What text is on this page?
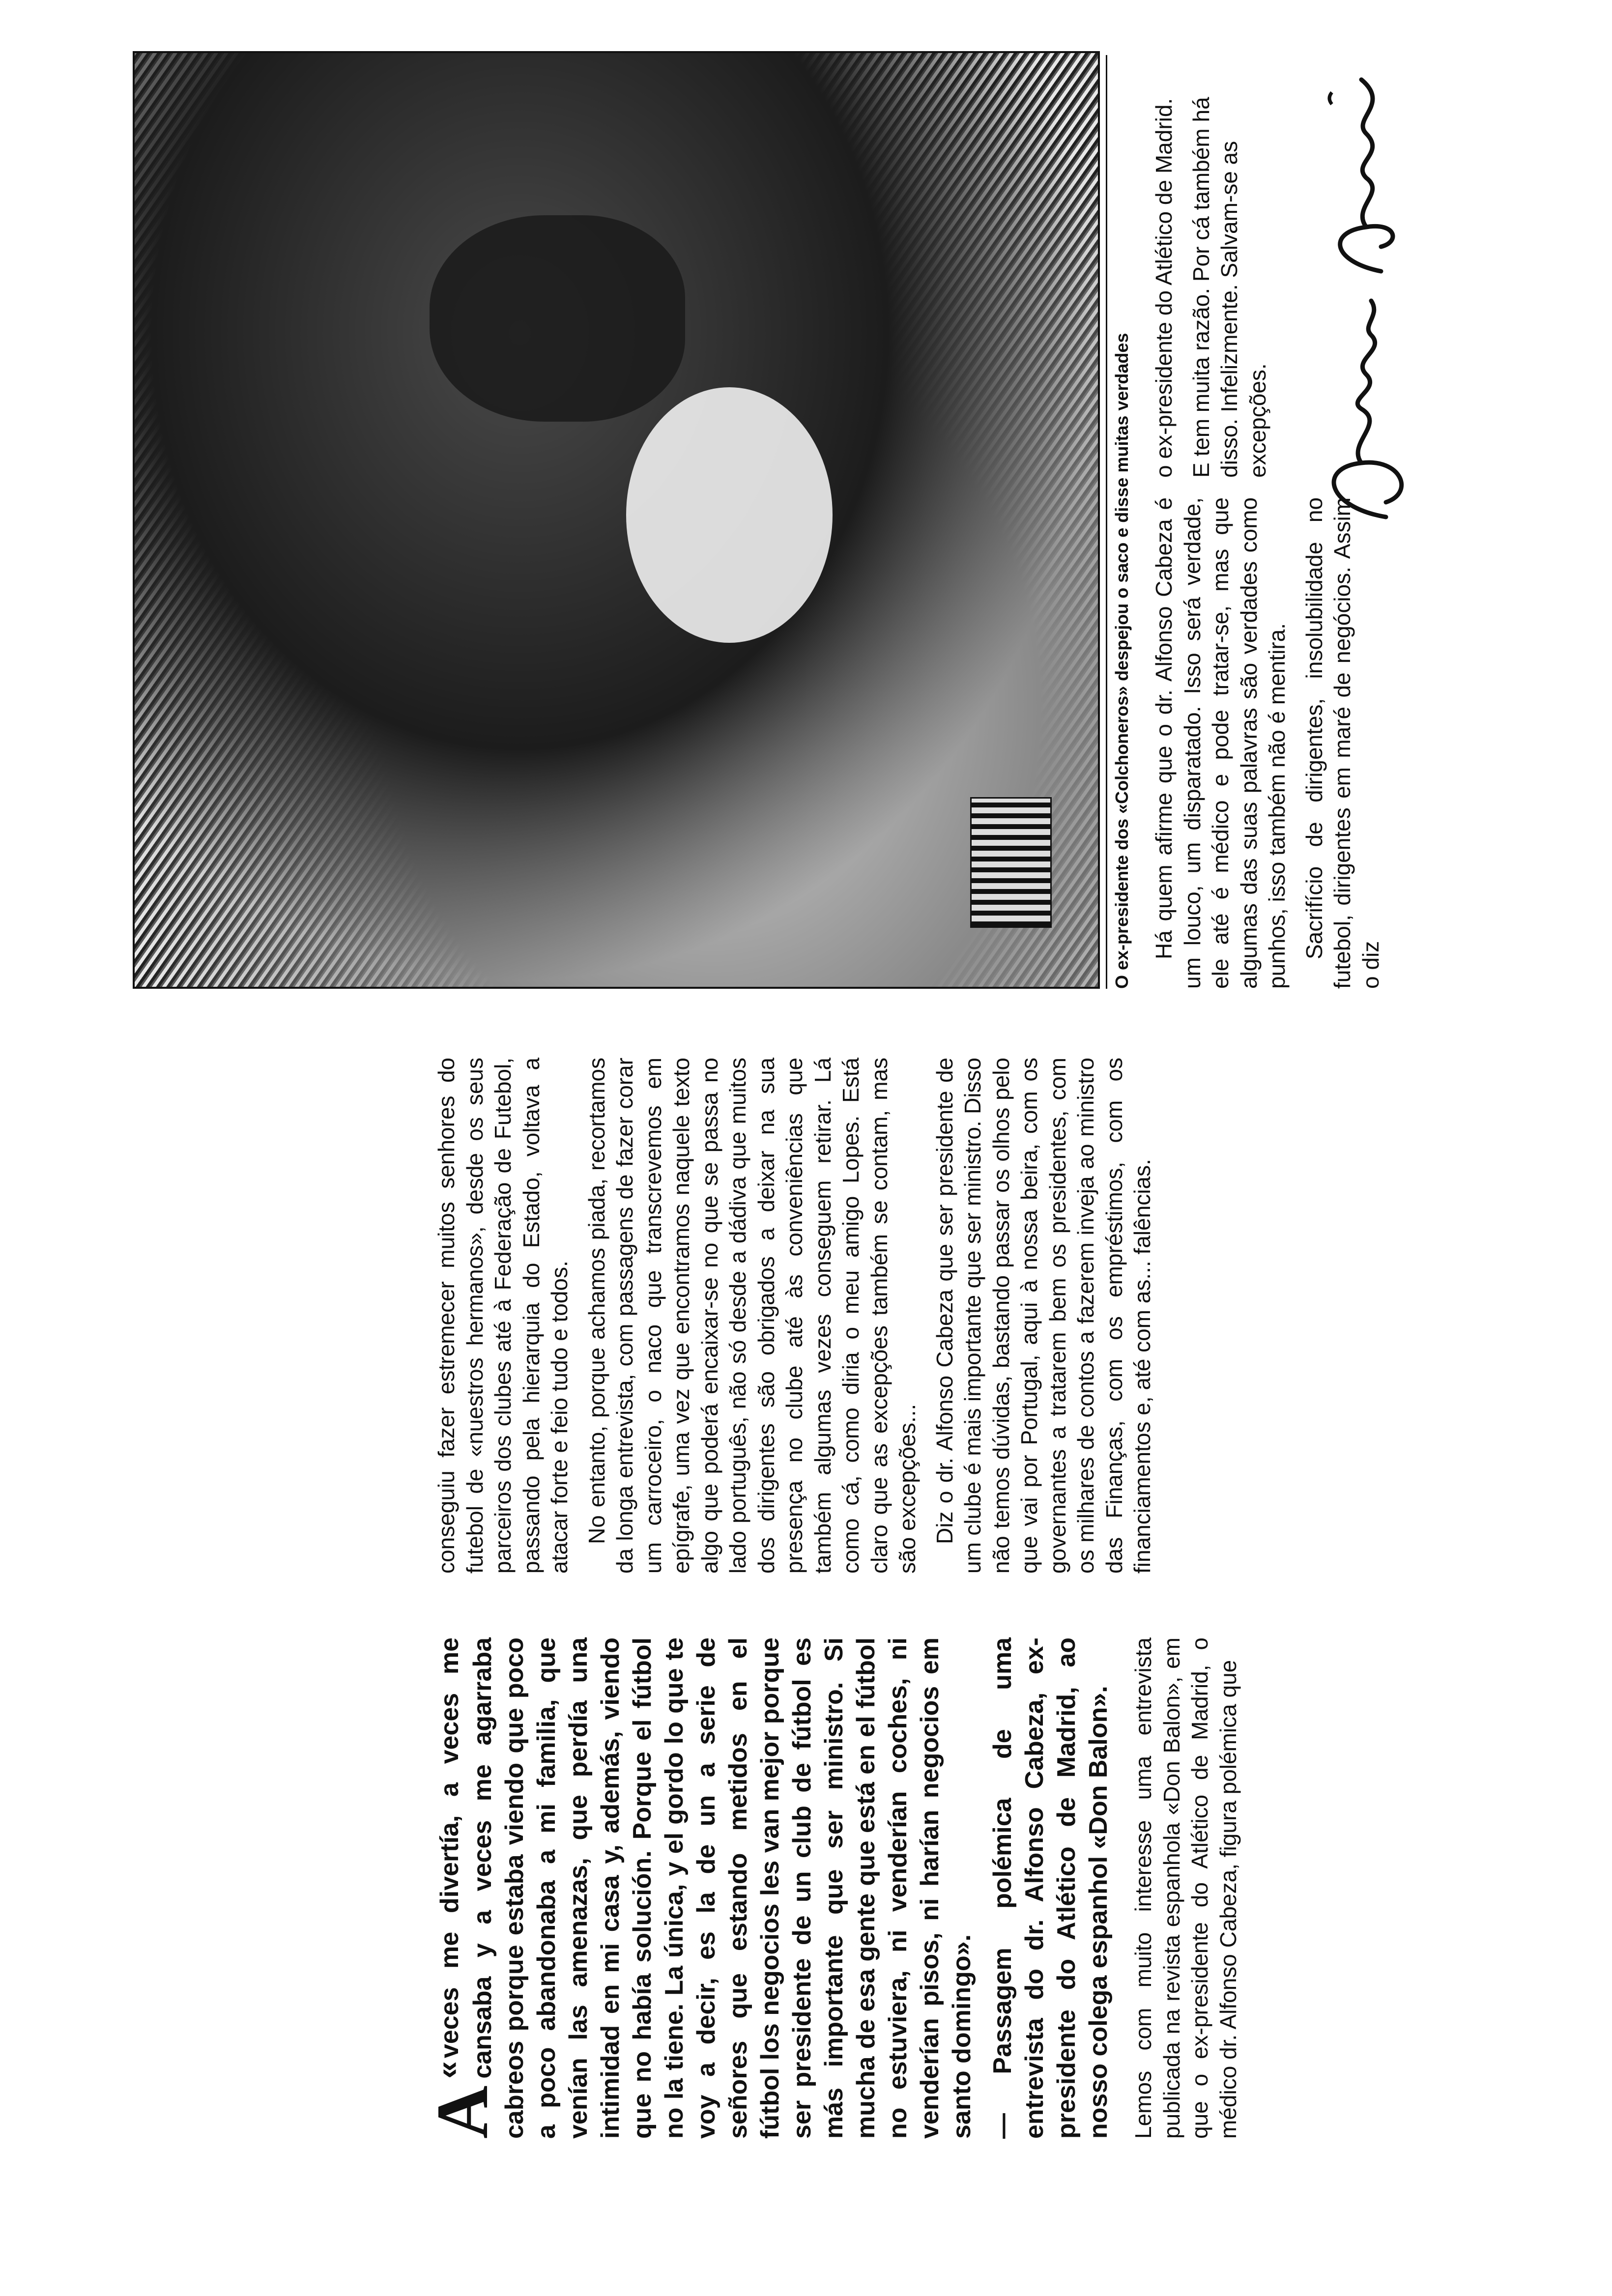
«
A
veces me divertía, a veces me cansaba y a veces me agarraba cabreos porque estaba viendo que poco a poco abandonaba a mi familia, que venían las amenazas, que perdía una intimidad en mi casa y, además, viendo que no había solución. Porque el fútbol no la tiene. La única, y el gordo lo que te voy a decir, es la de un a serie de señores que estando metidos en el fútbol los negocios les van mejor porque ser presidente de un club de fútbol es más importante que ser ministro. Si mucha de esa gente que está en el fútbol no estuviera, ni venderían coches, ni venderían pisos, ni harían negocios em santo domingo». — Passagem polémica de uma entrevista do dr. Alfonso Cabeza, ex-presidente do Atlético de Madrid, ao nosso colega espanhol «Don Balon». Lemos com muito interesse uma entrevista publicada na revista espanhola «Don Balon», em que o ex-presidente do Atlético de Madrid, o médico dr. Alfonso Cabeza, figura polémica que

conseguiu fazer estremecer muitos senhores do futebol de «nuestros hermanos», desde os seus parceiros dos clubes até à Federação de Futebol, passando pela hierarquia do Estado, voltava a atacar forte e feio tudo e todos. No entanto, porque achamos piada, recortamos da longa entrevista, com passagens de fazer corar um carroceiro, o naco que transcrevemos em epígrafe, uma vez que encontramos naquele texto algo que poderá encaixar-se no que se passa no lado português, não só desde a dádiva que muitos dos dirigentes são obrigados a deixar na sua presença no clube até às conveniências que também algumas vezes conseguem retirar. Lá como cá, como diria o meu amigo Lopes. Está claro que as excepções também se contam, mas são excepções... Diz o dr. Alfonso Cabeza que ser presidente de um clube é mais importante que ser ministro. Disso não temos dúvidas, bastando passar os olhos pelo que vai por Portugal, aqui à nossa beira, com os governantes a tratarem bem os presidentes, com os milhares de contos a fazerem inveja ao ministro das Finanças, com os empréstimos, com os financiamentos e, até com as... falências.

O ex-presidente dos «Colchoneros» despejou o saco e disse muitas verdades Há quem afirme que o dr. Alfonso Cabeza é um louco, um disparatado. Isso será verdade, ele até é médico e pode tratar-se, mas que algumas das suas palavras são verdades como punhos, isso também não é mentira. Sacrifício de dirigentes, insolubilidade no futebol, dirigentes em maré de negócios. Assim o diz

o ex-presidente do Atlético de Madrid. E tem muita razão. Por cá também há disso. Infelizmente. Salvam-se as excepções.
